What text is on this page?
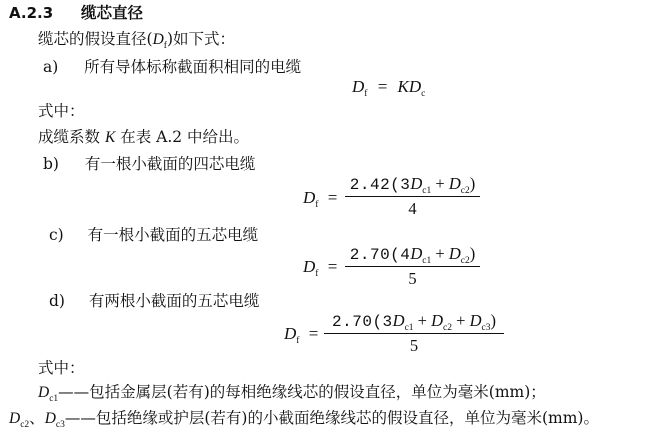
A.2.3 缆芯直径
缆芯的假设直径$(D_f)$如下式：
a) 所有导体标称截面积相同的电缆
$D_f = KD_c$
式中：
成缆系数 K 在表 A.2 中给出。
b) 有一根小截面的四芯电缆
$D_f$ =
$2.42(3D_{c1} + D_{c2})$
4
c) 有一根小截面的五芯电缆
$D_f$ =
$2.70(4D_{c1} + D_{c2})$
5
d) 有两根小截面的五芯电缆
$D_f$ =
$2.70(3D_{c1} + D_{c2} + D_{c3})$
5
式中：
$D_{c1}——$包括金属层(若有)的每相绝缘线芯的假设直径，单位为毫米(mm)；
$D_{c2}$、$D_{c3}——$包括绝缘或护层(若有)的小截面绝缘线芯的假设直径，单位为毫米(mm)。
